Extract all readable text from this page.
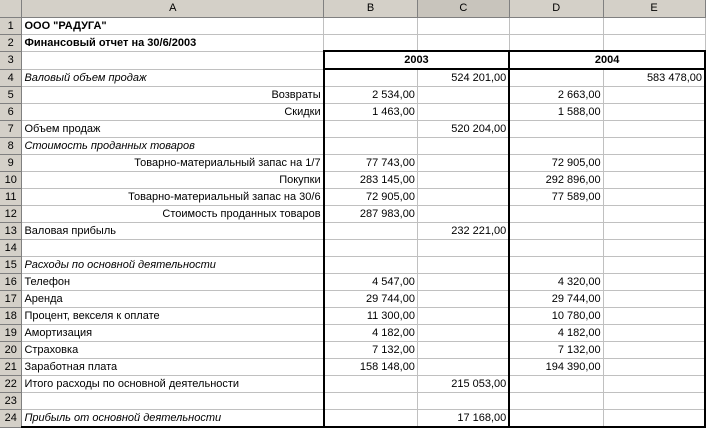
	A	B	C	D	E
1	ООО "РАДУГА"				
2	Финансовый отчет на 30/6/2003				
3		2003		2004	
4	Валовый объем продаж		524 201,00		583 478,00
5	Возвраты	2 534,00		2 663,00	
6	Скидки	1 463,00		1 588,00	
7	Объем продаж		520 204,00		
8	Стоимость проданных товаров				
9	Товарно-материальный запас на 1/7	77 743,00		72 905,00	
10	Покупки	283 145,00		292 896,00	
11	Товарно-материальный запас на 30/6	72 905,00		77 589,00	
12	Стоимость проданных товаров	287 983,00			
13	Валовая прибыль		232 221,00		
14					
15	Расходы по основной деятельности				
16	Телефон	4 547,00		4 320,00	
17	Аренда	29 744,00		29 744,00	
18	Процент, векселя к оплате	11 300,00		10 780,00	
19	Амортизация	4 182,00		4 182,00	
20	Страховка	7 132,00		7 132,00	
21	Заработная плата	158 148,00		194 390,00	
22	Итого расходы по основной деятельности		215 053,00		
23					
24	Прибыль от основной деятельности		17 168,00		
